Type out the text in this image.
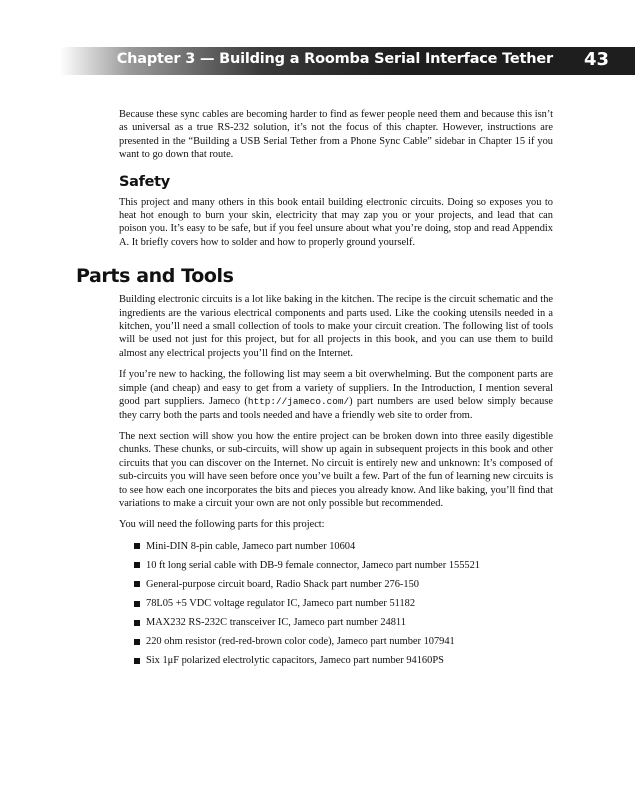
Chapter 3 — Building a Roomba Serial Interface Tether 43

Because these sync cables are becoming harder to find as fewer people need them and because this isn’t as universal as a true RS-232 solution, it’s not the focus of this chapter. However, instructions are presented in the “Building a USB Serial Tether from a Phone Sync Cable” sidebar in Chapter 15 if you want to go down that route.

Safety

This project and many others in this book entail building electronic circuits. Doing so exposes you to heat hot enough to burn your skin, electricity that may zap you or your projects, and lead that can poison you. It’s easy to be safe, but if you feel unsure about what you’re doing, stop and read Appendix A. It briefly covers how to solder and how to properly ground yourself.

Parts and Tools

Building electronic circuits is a lot like baking in the kitchen. The recipe is the circuit schematic and the ingredients are the various electrical components and parts used. Like the cooking utensils needed in a kitchen, you’ll need a small collection of tools to make your circuit creation. The following list of tools will be used not just for this project, but for all projects in this book, and you can use them to build almost any electrical projects you’ll find on the Internet.

If you’re new to hacking, the following list may seem a bit overwhelming. But the component parts are simple (and cheap) and easy to get from a variety of suppliers. In the Introduction, I mention several good part suppliers. Jameco (http://jameco.com/) part numbers are used below simply because they carry both the parts and tools needed and have a friendly web site to order from.

The next section will show you how the entire project can be broken down into three easily digestible chunks. These chunks, or sub-circuits, will show up again in subsequent projects in this book and other circuits that you can discover on the Internet. No circuit is entirely new and unknown: It’s composed of sub-circuits you will have seen before once you’ve built a few. Part of the fun of learning new circuits is to see how each one incorporates the bits and pieces you already know. And like baking, you’ll find that variations to make a circuit your own are not only possible but recommended.

You will need the following parts for this project:

Mini-DIN 8-pin cable, Jameco part number 10604
10 ft long serial cable with DB-9 female connector, Jameco part number 155521
General-purpose circuit board, Radio Shack part number 276-150
78L05 +5 VDC voltage regulator IC, Jameco part number 51182
MAX232 RS-232C transceiver IC, Jameco part number 24811
220 ohm resistor (red-red-brown color code), Jameco part number 107941
Six 1μF polarized electrolytic capacitors, Jameco part number 94160PS
